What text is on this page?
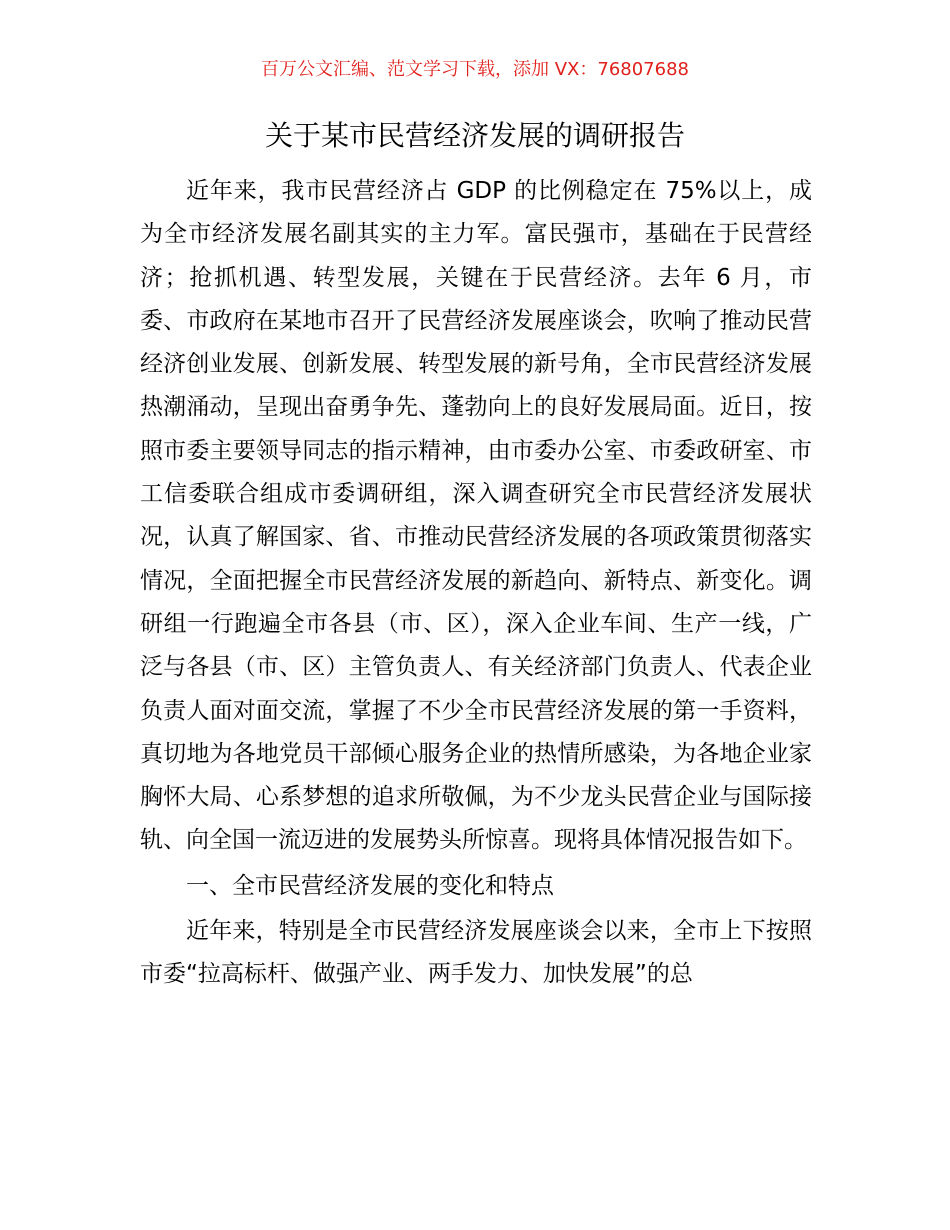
百万公文汇编、范文学习下载，添加 VX：76807688
关于某市民营经济发展的调研报告

近年来，我市民营经济占 GDP 的比例稳定在 75%以上，成为全市经济发展名副其实的主力军。富民强市，基础在于民营经济；抢抓机遇、转型发展，关键在于民营经济。去年 6 月，市委、市政府在某地市召开了民营经济发展座谈会，吹响了推动民营经济创业发展、创新发展、转型发展的新号角，全市民营经济发展热潮涌动，呈现出奋勇争先、蓬勃向上的良好发展局面。近日，按照市委主要领导同志的指示精神，由市委办公室、市委政研室、市工信委联合组成市委调研组，深入调查研究全市民营经济发展状况，认真了解国家、省、市推动民营经济发展的各项政策贯彻落实情况，全面把握全市民营经济发展的新趋向、新特点、新变化。调研组一行跑遍全市各县（市、区），深入企业车间、生产一线，广泛与各县（市、区）主管负责人、有关经济部门负责人、代表企业负责人面对面交流，掌握了不少全市民营经济发展的第一手资料，真切地为各地党员干部倾心服务企业的热情所感染，为各地企业家胸怀大局、心系梦想的追求所敬佩，为不少龙头民营企业与国际接轨、向全国一流迈进的发展势头所惊喜。现将具体情况报告如下。

一、全市民营经济发展的变化和特点

近年来，特别是全市民营经济发展座谈会以来，全市上下按照市委“拉高标杆、做强产业、两手发力、加快发展”的总
